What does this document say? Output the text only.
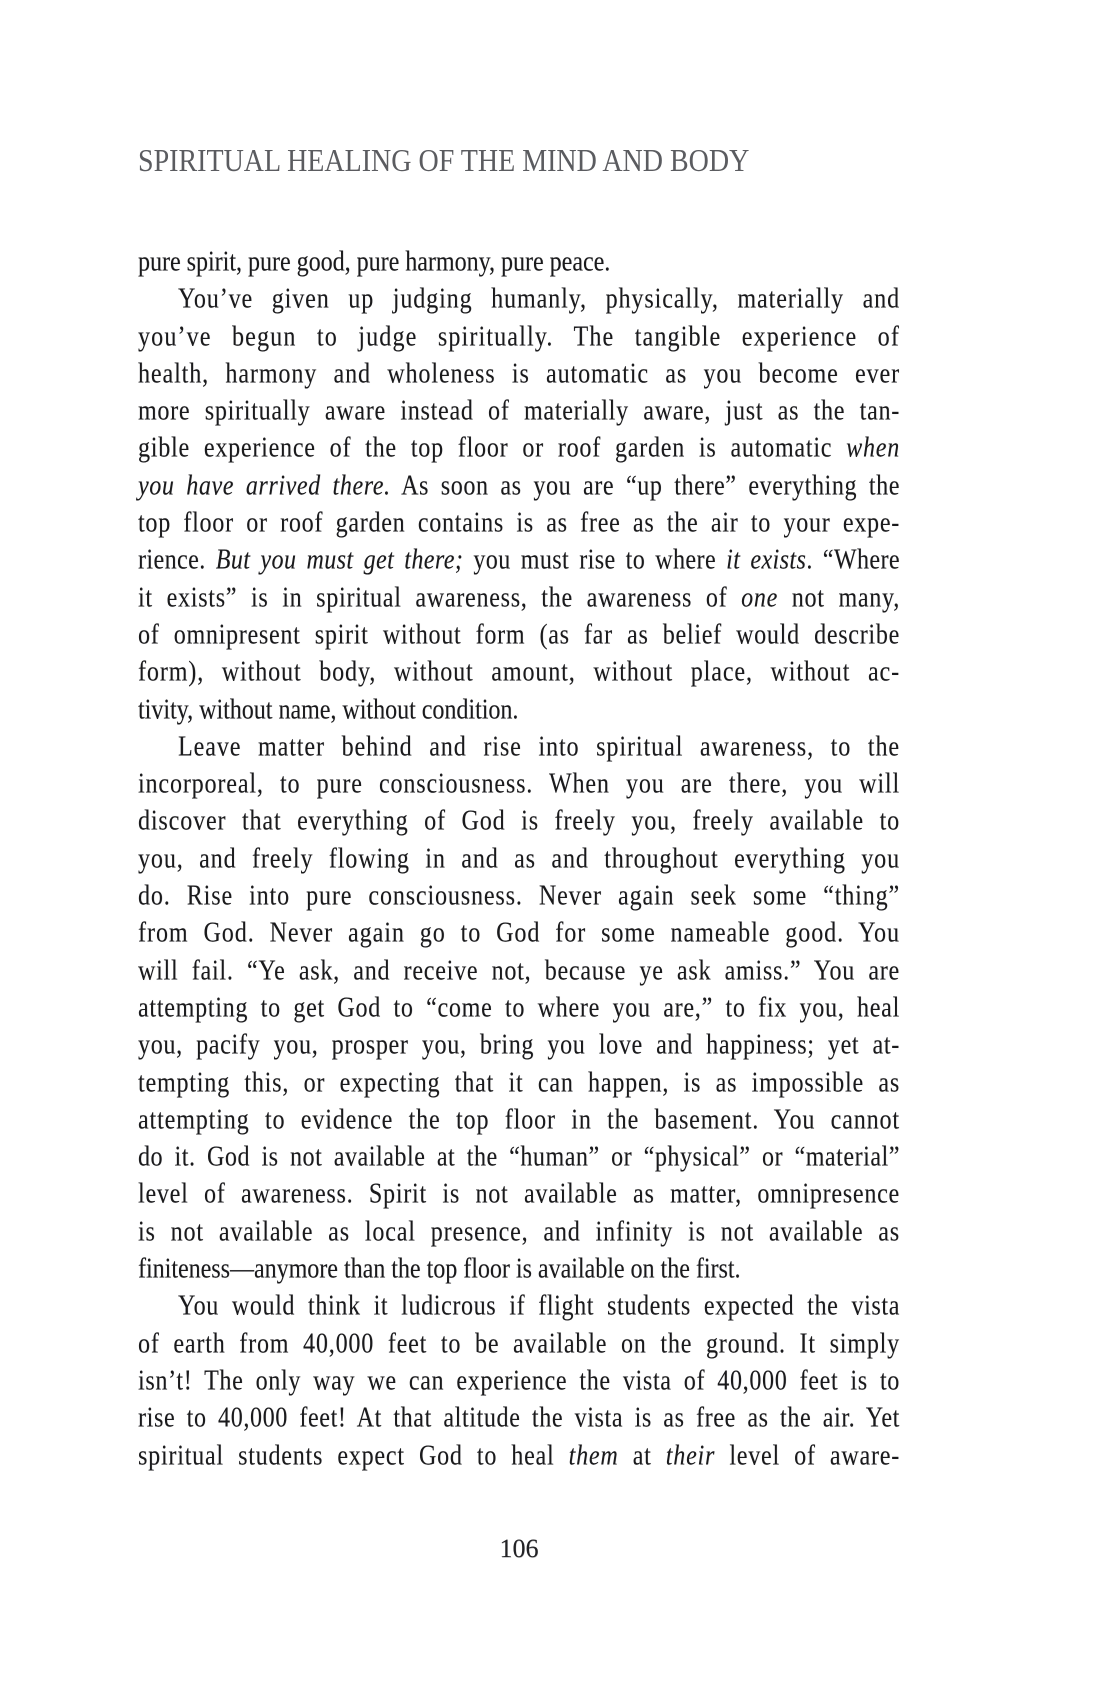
SPIRITUAL HEALING OF THE MIND AND BODY
pure spirit, pure good, pure harmony, pure peace.
You’ve given up judging humanly, physically, materially and
you’ve begun to judge spiritually. The tangible experience of
health, harmony and wholeness is automatic as you become ever
more spiritually aware instead of materially aware, just as the tan-
gible experience of the top floor or roof garden is automatic when
you have arrived there. As soon as you are “up there” everything the
top floor or roof garden contains is as free as the air to your expe-
rience. But you must get there; you must rise to where it exists. “Where
it exists” is in spiritual awareness, the awareness of one not many,
of omnipresent spirit without form (as far as belief would describe
form), without body, without amount, without place, without ac-
tivity, without name, without condition.
Leave matter behind and rise into spiritual awareness, to the
incorporeal, to pure consciousness. When you are there, you will
discover that everything of God is freely you, freely available to
you, and freely flowing in and as and throughout everything you
do. Rise into pure consciousness. Never again seek some “thing”
from God. Never again go to God for some nameable good. You
will fail. “Ye ask, and receive not, because ye ask amiss.” You are
attempting to get God to “come to where you are,” to fix you, heal
you, pacify you, prosper you, bring you love and happiness; yet at-
tempting this, or expecting that it can happen, is as impossible as
attempting to evidence the top floor in the basement. You cannot
do it. God is not available at the “human” or “physical” or “material”
level of awareness. Spirit is not available as matter, omnipresence
is not available as local presence, and infinity is not available as
finiteness—anymore than the top floor is available on the first.
You would think it ludicrous if flight students expected the vista
of earth from 40,000 feet to be available on the ground. It simply
isn’t! The only way we can experience the vista of 40,000 feet is to
rise to 40,000 feet! At that altitude the vista is as free as the air. Yet
spiritual students expect God to heal them at their level of aware-
106
